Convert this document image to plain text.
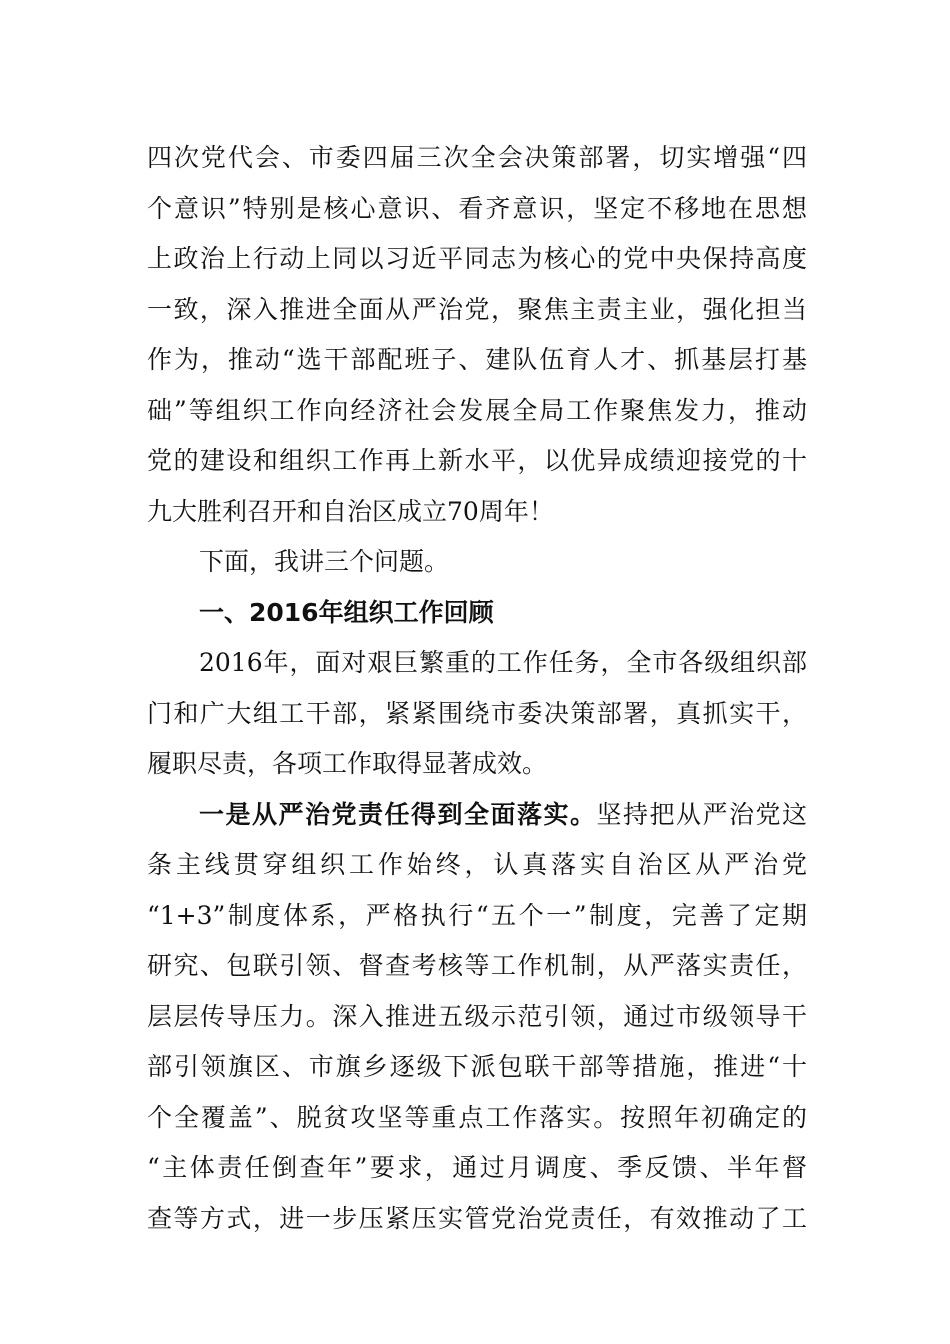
四次党代会、市委四届三次全会决策部署，切实增强“四
个意识”特别是核心意识、看齐意识，坚定不移地在思想
上政治上行动上同以习近平同志为核心的党中央保持高度
一致，深入推进全面从严治党，聚焦主责主业，强化担当
作为，推动“选干部配班子、建队伍育人才、抓基层打基
础”等组织工作向经济社会发展全局工作聚焦发力，推动
党的建设和组织工作再上新水平，以优异成绩迎接党的十
九大胜利召开和自治区成立70周年！
下面，我讲三个问题。
一、2016年组织工作回顾
2016年，面对艰巨繁重的工作任务，全市各级组织部
门和广大组工干部，紧紧围绕市委决策部署，真抓实干，
履职尽责，各项工作取得显著成效。
一是从严治党责任得到全面落实。坚持把从严治党这
条主线贯穿组织工作始终，认真落实自治区从严治党
“1+3”制度体系，严格执行“五个一”制度，完善了定期
研究、包联引领、督查考核等工作机制，从严落实责任，
层层传导压力。深入推进五级示范引领，通过市级领导干
部引领旗区、市旗乡逐级下派包联干部等措施，推进“十
个全覆盖”、脱贫攻坚等重点工作落实。按照年初确定的
“主体责任倒查年”要求，通过月调度、季反馈、半年督
查等方式，进一步压紧压实管党治党责任，有效推动了工
